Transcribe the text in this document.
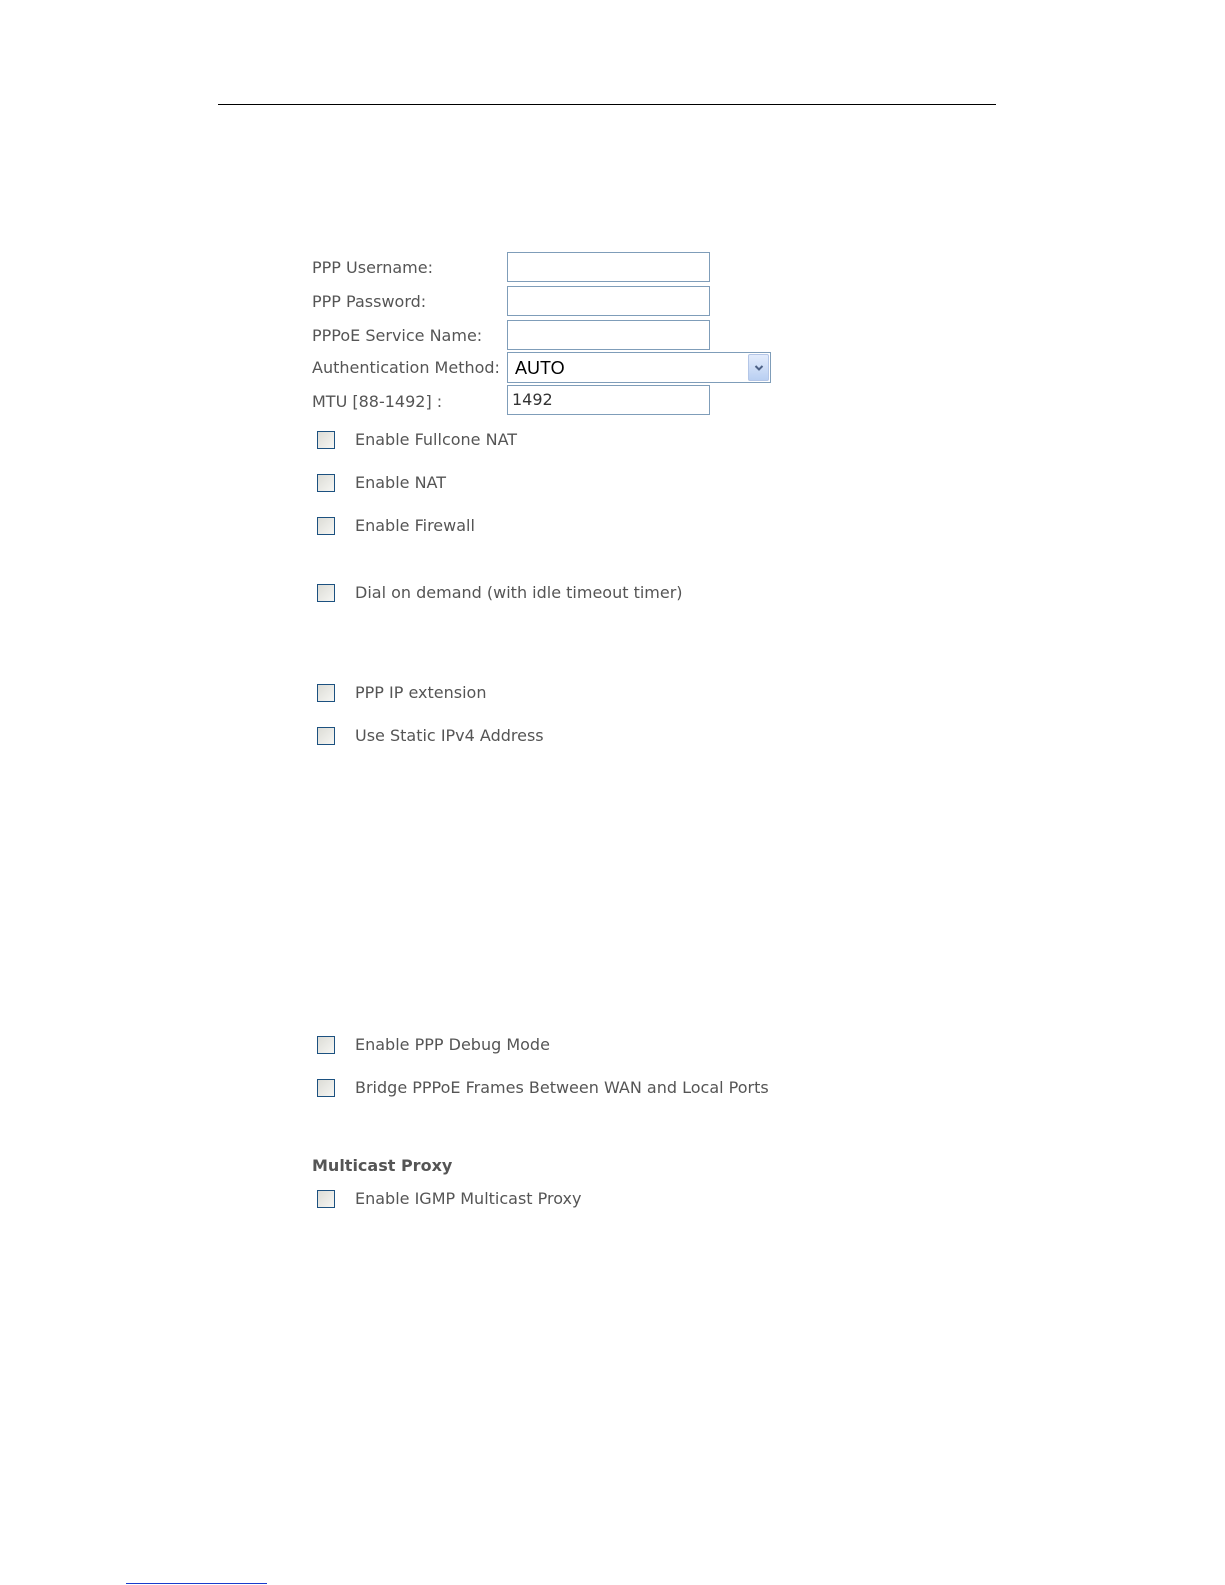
PPP Username:
PPP Password:
PPPoE Service Name:
Authentication Method: AUTO
MTU [88-1492] :	1492
Enable Fullcone NAT
Enable NAT
Enable Firewall
Dial on demand (with idle timeout timer)
PPP IP extension
Use Static IPv4 Address
Enable PPP Debug Mode
Bridge PPPoE Frames Between WAN and Local Ports
Multicast Proxy
Enable IGMP Multicast Proxy
